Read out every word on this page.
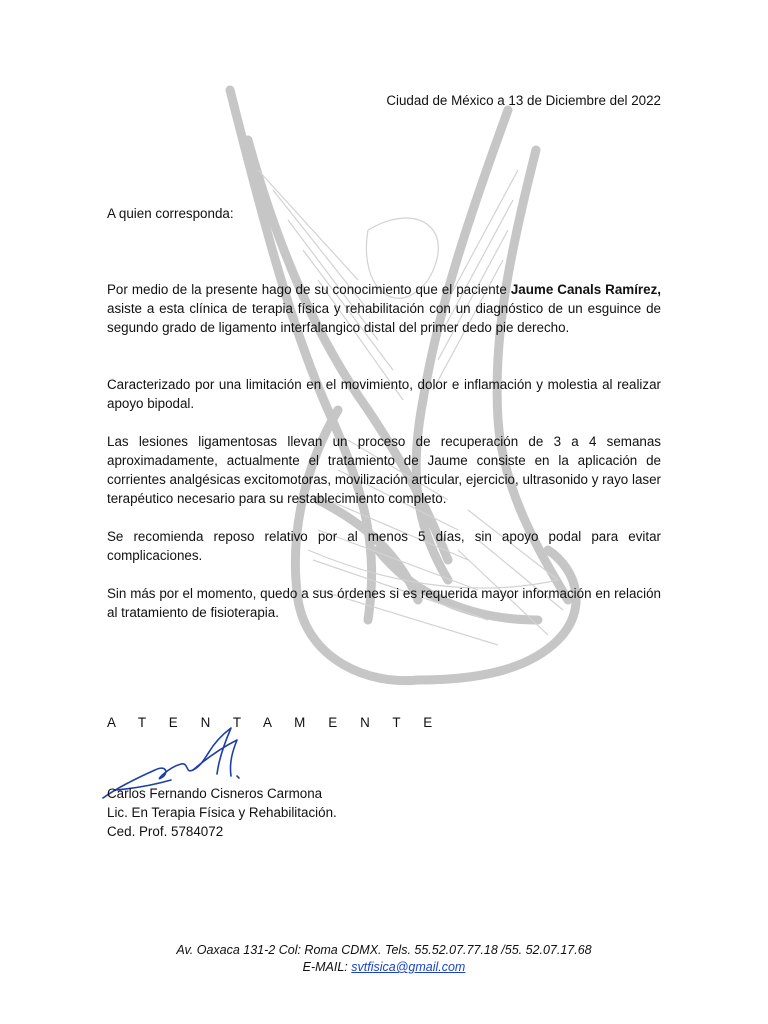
Ciudad de México a 13 de Diciembre del 2022
A quien corresponda:

Por medio de la presente hago de su conocimiento que el paciente Jaume Canals Ramírez, asiste a esta clínica de terapia física y rehabilitación con un diagnóstico de un esguince de segundo grado de ligamento interfalangico distal del primer dedo pie derecho.

Caracterizado por una limitación en el movimiento, dolor e inflamación y molestia al realizar apoyo bipodal.

Las lesiones ligamentosas llevan un proceso de recuperación de 3 a 4 semanas aproximadamente, actualmente el tratamiento de Jaume consiste en la aplicación de corrientes analgésicas excitomotoras, movilización articular, ejercicio, ultrasonido y rayo laser terapéutico necesario para su restablecimiento completo.

Se recomienda reposo relativo por al menos 5 días, sin apoyo podal para evitar complicaciones.

Sin más por el momento, quedo a sus órdenes si es requerida mayor información en relación al tratamiento de fisioterapia.

A T E N T A M E N T E
Carlos Fernando Cisneros Carmona
Lic. En Terapia Física y Rehabilitación.
Ced. Prof. 5784072
Av. Oaxaca 131-2 Col: Roma CDMX. Tels. 55.52.07.77.18 /55. 52.07.17.68
E-MAIL: svtfisica@gmail.com
